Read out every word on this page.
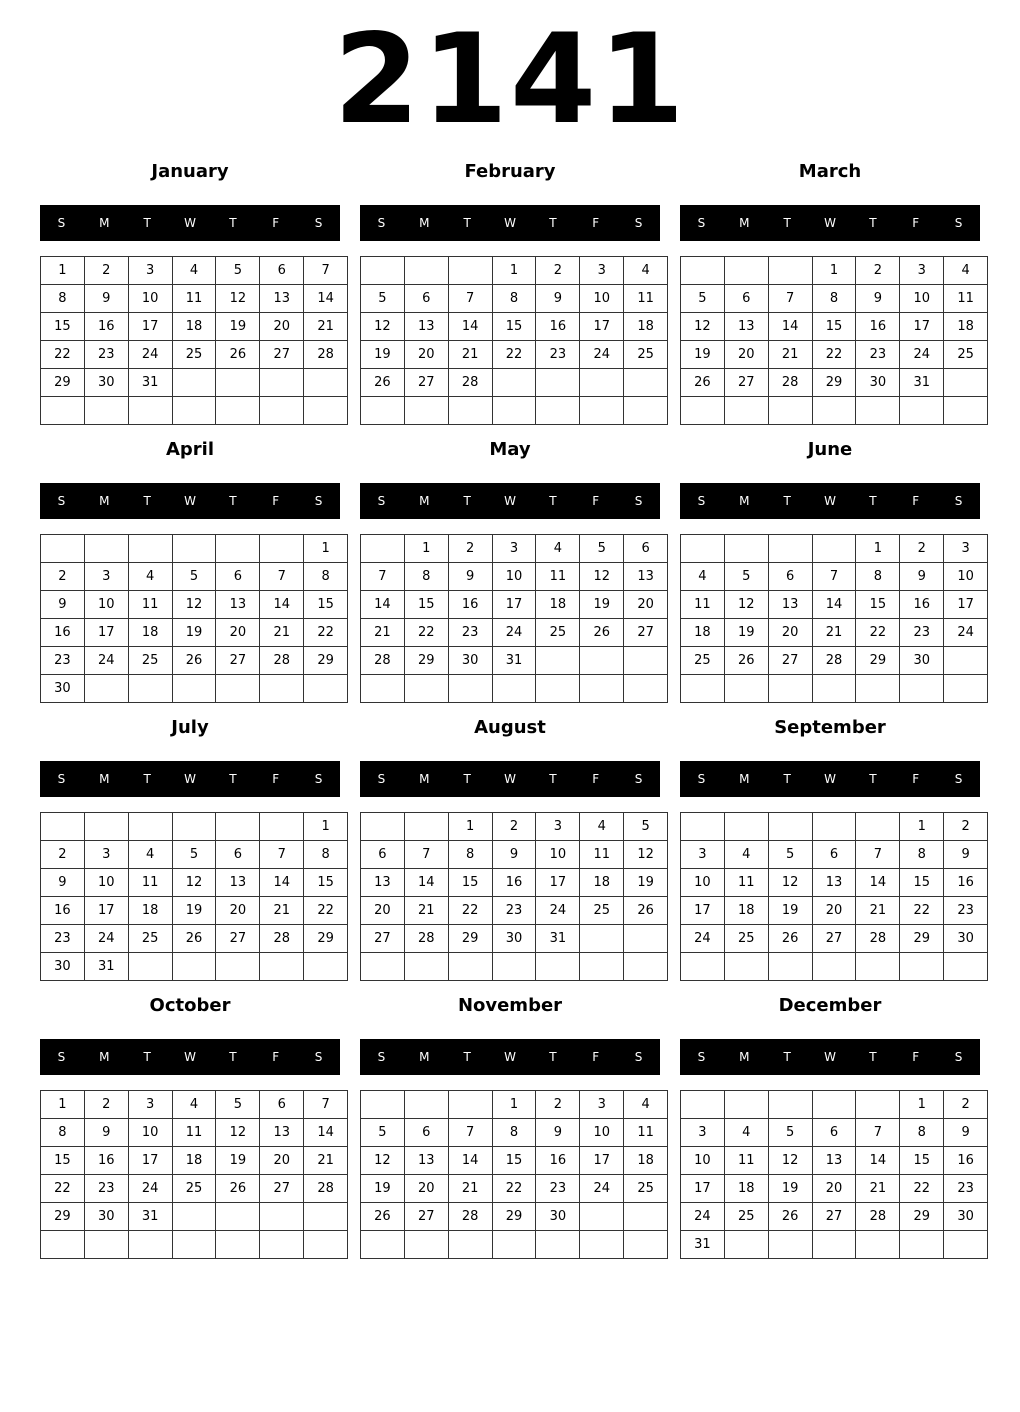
2141
January
S	M	T	W	T	F	S
1	2	3	4	5	6	7
8	9	10	11	12	13	14
15	16	17	18	19	20	21
22	23	24	25	26	27	28
29	30	31				

February
S	M	T	W	T	F	S
			1	2	3	4
5	6	7	8	9	10	11
12	13	14	15	16	17	18
19	20	21	22	23	24	25
26	27	28				

March
S	M	T	W	T	F	S
			1	2	3	4
5	6	7	8	9	10	11
12	13	14	15	16	17	18
19	20	21	22	23	24	25
26	27	28	29	30	31	

April
S	M	T	W	T	F	S
						1
2	3	4	5	6	7	8
9	10	11	12	13	14	15
16	17	18	19	20	21	22
23	24	25	26	27	28	29
30						
May
S	M	T	W	T	F	S
	1	2	3	4	5	6
7	8	9	10	11	12	13
14	15	16	17	18	19	20
21	22	23	24	25	26	27
28	29	30	31			

June
S	M	T	W	T	F	S
				1	2	3
4	5	6	7	8	9	10
11	12	13	14	15	16	17
18	19	20	21	22	23	24
25	26	27	28	29	30	

July
S	M	T	W	T	F	S
						1
2	3	4	5	6	7	8
9	10	11	12	13	14	15
16	17	18	19	20	21	22
23	24	25	26	27	28	29
30	31					
August
S	M	T	W	T	F	S
		1	2	3	4	5
6	7	8	9	10	11	12
13	14	15	16	17	18	19
20	21	22	23	24	25	26
27	28	29	30	31		

September
S	M	T	W	T	F	S
					1	2
3	4	5	6	7	8	9
10	11	12	13	14	15	16
17	18	19	20	21	22	23
24	25	26	27	28	29	30

October
S	M	T	W	T	F	S
1	2	3	4	5	6	7
8	9	10	11	12	13	14
15	16	17	18	19	20	21
22	23	24	25	26	27	28
29	30	31				

November
S	M	T	W	T	F	S
			1	2	3	4
5	6	7	8	9	10	11
12	13	14	15	16	17	18
19	20	21	22	23	24	25
26	27	28	29	30		

December
S	M	T	W	T	F	S
					1	2
3	4	5	6	7	8	9
10	11	12	13	14	15	16
17	18	19	20	21	22	23
24	25	26	27	28	29	30
31						
